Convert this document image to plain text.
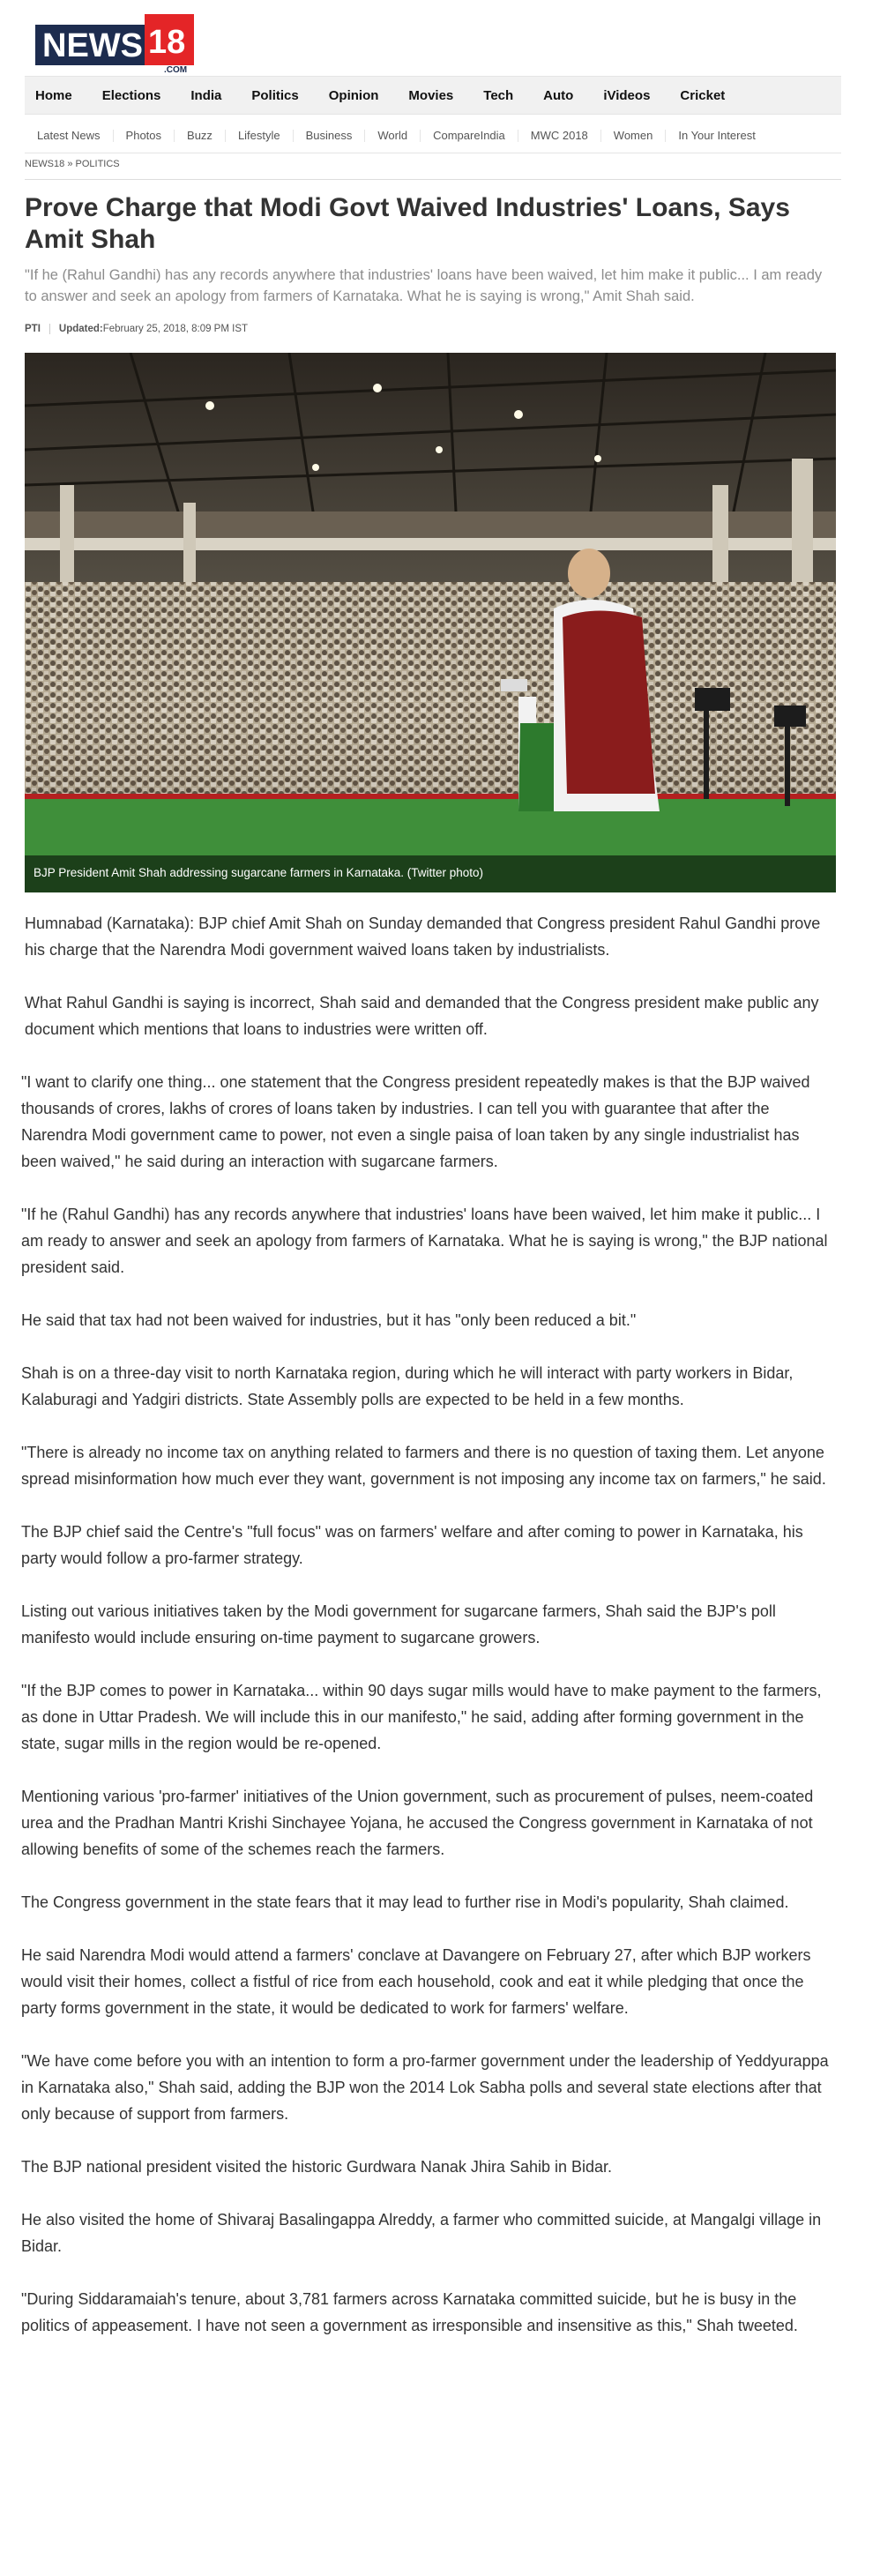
NEWS 18
.COM
Home Elections India Politics Opinion Movies Tech Auto iVideos Cricket
Latest News	Photos	Buzz	Lifestyle	Business	World	CompareIndia	MWC 2018	Women	In Your Interest
NEWS18 » POLITICS
Prove Charge that Modi Govt Waived Industries' Loans, Says Amit Shah

"If he (Rahul Gandhi) has any records anywhere that industries' loans have been waived, let him make it public... I am ready to answer and seek an apology from farmers of Karnataka. What he is saying is wrong," Amit Shah said.

PTI	Updated: February 25, 2018, 8:09 PM IST
BJP President Amit Shah addressing sugarcane farmers in Karnataka. (Twitter photo)

Humnabad (Karnataka): BJP chief Amit Shah on Sunday demanded that Congress president Rahul Gandhi prove his charge that the Narendra Modi government waived loans taken by industrialists.

What Rahul Gandhi is saying is incorrect, Shah said and demanded that the Congress president make public any document which mentions that loans to industries were written off.

"I want to clarify one thing... one statement that the Congress president repeatedly makes is that the BJP waived thousands of crores, lakhs of crores of loans taken by industries. I can tell you with guarantee that after the Narendra Modi government came to power, not even a single paisa of loan taken by any single industrialist has been waived," he said during an interaction with sugarcane farmers.

"If he (Rahul Gandhi) has any records anywhere that industries' loans have been waived, let him make it public... I am ready to answer and seek an apology from farmers of Karnataka. What he is saying is wrong," the BJP national president said.

He said that tax had not been waived for industries, but it has "only been reduced a bit."

Shah is on a three-day visit to north Karnataka region, during which he will interact with party workers in Bidar, Kalaburagi and Yadgiri districts. State Assembly polls are expected to be held in a few months.

"There is already no income tax on anything related to farmers and there is no question of taxing them. Let anyone spread misinformation how much ever they want, government is not imposing any income tax on farmers," he said.

The BJP chief said the Centre's "full focus" was on farmers' welfare and after coming to power in Karnataka, his party would follow a pro-farmer strategy.

Listing out various initiatives taken by the Modi government for sugarcane farmers, Shah said the BJP's poll manifesto would include ensuring on-time payment to sugarcane growers.

"If the BJP comes to power in Karnataka... within 90 days sugar mills would have to make payment to the farmers, as done in Uttar Pradesh. We will include this in our manifesto," he said, adding after forming government in the state, sugar mills in the region would be re-opened.

Mentioning various 'pro-farmer' initiatives of the Union government, such as procurement of pulses, neem-coated urea and the Pradhan Mantri Krishi Sinchayee Yojana, he accused the Congress government in Karnataka of not allowing benefits of some of the schemes reach the farmers.

The Congress government in the state fears that it may lead to further rise in Modi's popularity, Shah claimed.

He said Narendra Modi would attend a farmers' conclave at Davangere on February 27, after which BJP workers would visit their homes, collect a fistful of rice from each household, cook and eat it while pledging that once the party forms government in the state, it would be dedicated to work for farmers' welfare.

"We have come before you with an intention to form a pro-farmer government under the leadership of Yeddyurappa in Karnataka also," Shah said, adding the BJP won the 2014 Lok Sabha polls and several state elections after that only because of support from farmers.

The BJP national president visited the historic Gurdwara Nanak Jhira Sahib in Bidar.

He also visited the home of Shivaraj Basalingappa Alreddy, a farmer who committed suicide, at Mangalgi village in Bidar.

"During Siddaramaiah's tenure, about 3,781 farmers across Karnataka committed suicide, but he is busy in the politics of appeasement. I have not seen a government as irresponsible and insensitive as this," Shah tweeted.
